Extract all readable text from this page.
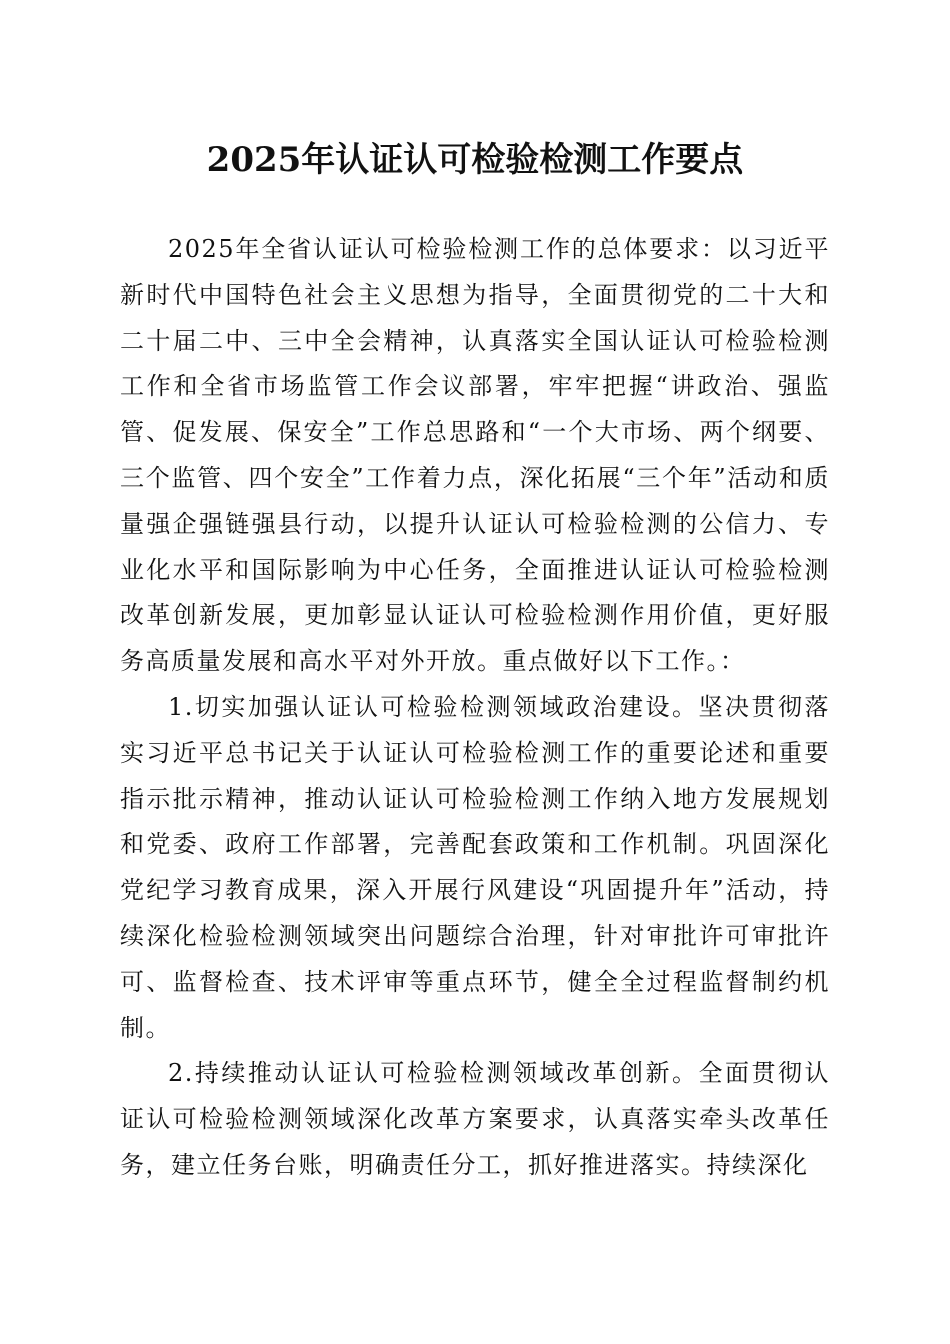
2025年认证认可检验检测工作要点

2025年全省认证认可检验检测工作的总体要求：以习近平新时代中国特色社会主义思想为指导，全面贯彻党的二十大和二十届二中、三中全会精神，认真落实全国认证认可检验检测工作和全省市场监管工作会议部署，牢牢把握“讲政治、强监管、促发展、保安全”工作总思路和“一个大市场、两个纲要、三个监管、四个安全”工作着力点，深化拓展“三个年”活动和质量强企强链强县行动，以提升认证认可检验检测的公信力、专业化水平和国际影响为中心任务，全面推进认证认可检验检测改革创新发展，更加彰显认证认可检验检测作用价值，更好服务高质量发展和高水平对外开放。重点做好以下工作。：

1.切实加强认证认可检验检测领域政治建设。坚决贯彻落实习近平总书记关于认证认可检验检测工作的重要论述和重要指示批示精神，推动认证认可检验检测工作纳入地方发展规划和党委、政府工作部署，完善配套政策和工作机制。巩固深化党纪学习教育成果，深入开展行风建设“巩固提升年”活动，持续深化检验检测领域突出问题综合治理，针对审批许可审批许可、监督检查、技术评审等重点环节，健全全过程监督制约机制。

2.持续推动认证认可检验检测领域改革创新。全面贯彻认证认可检验检测领域深化改革方案要求，认真落实牵头改革任务，建立任务台账，明确责任分工，抓好推进落实。持续深化
